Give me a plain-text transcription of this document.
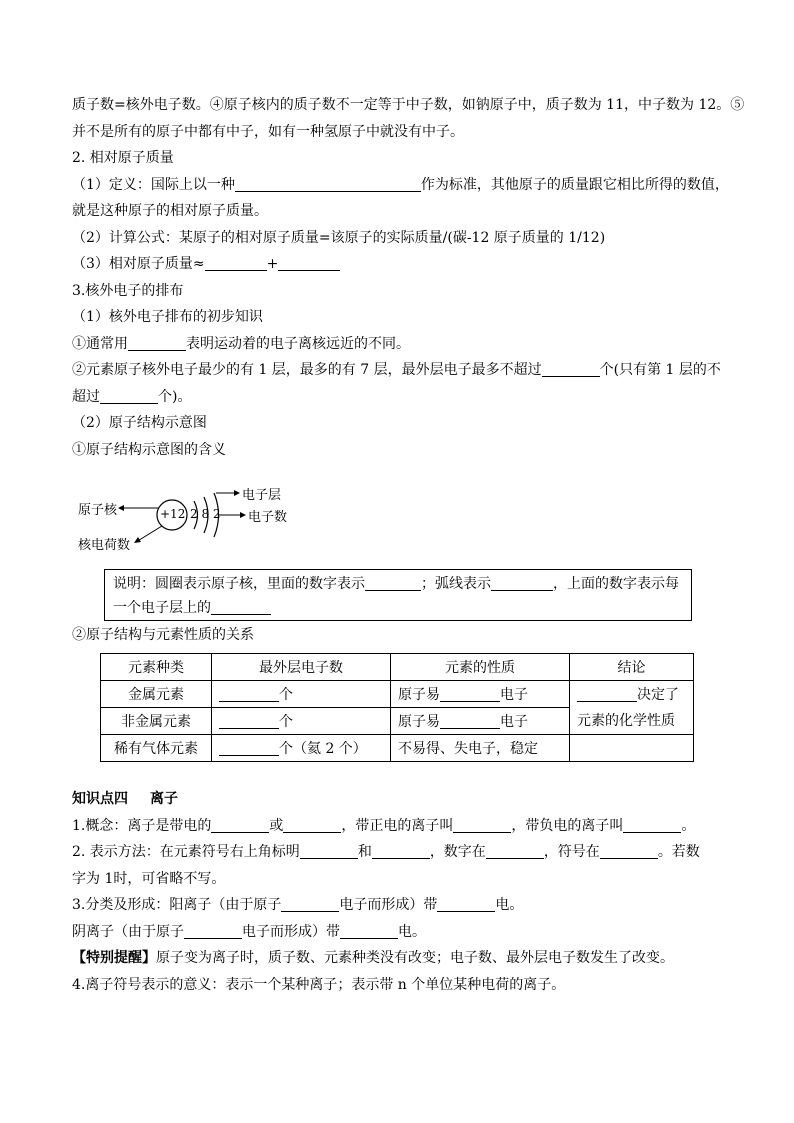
质子数=核外电子数。④原子核内的质子数不一定等于中子数，如钠原子中，质子数为 11，中子数为 12。⑤
并不是所有的原子中都有中子，如有一种氢原子中就没有中子。
2. 相对原子质量
（1）定义：国际上以一种	作为标准，其他原子的质量跟它相比所得的数值，
就是这种原子的相对原子质量。
（2）计算公式：某原子的相对原子质量=该原子的实际质量/(碳-12 原子质量的 1/12)
（3）相对原子质量≈	+
3.核外电子的排布
（1）核外电子排布的初步知识
①通常用	表明运动着的电子离核远近的不同。
②元素原子核外电子最少的有 1 层，最多的有 7 层，最外层电子最多不超过	个(只有第 1 层的不
超过	个)。
（2）原子结构示意图
①原子结构示意图的含义
原子核
核电荷数
+12 2 8 2
电子层
电子数
说明：圆圈表示原子核，里面的数字表示	；弧线表示	，上面的数字表示每
一个电子层上的
②原子结构与元素性质的关系
元素种类	最外层电子数	元素的性质	结论
金属元素	个	原子易 电子	决定了
元素的化学性质

非金属元素	个	原子易 电子	
稀有气体元素	个（氦 2 个）	不易得、失电子，稳定	
知识点四 离子
1.概念：离子是带电的	或	，带正电的离子叫	，带负电的离子叫	。
2. 表示方法：在元素符号右上角标明	和	，数字在	，符号在	。若数
字为 1时，可省略不写。
3.分类及形成：阳离子（由于原子	电子而形成）带	电。
阴离子（由于原子	电子而形成）带	电。
【特别提醒】原子变为离子时，质子数、元素种类没有改变；电子数、最外层电子数发生了改变。
4.离子符号表示的意义：表示一个某种离子；表示带 n 个单位某种电荷的离子。
